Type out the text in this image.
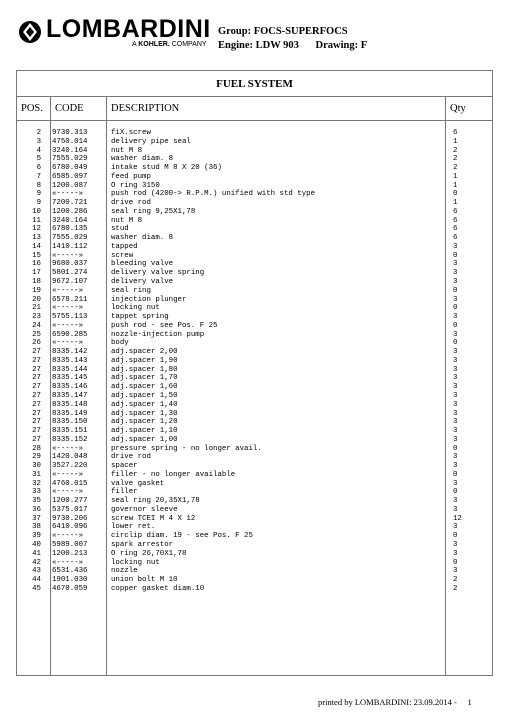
LOMBARDINI
A KOHLER. COMPANY
Group: FOCS-SUPERFOCS
Engine: LDW 903 Drawing: F
FUEL SYSTEM
POS. CODE	DESCRIPTION	Qty
2 9730.313	fiX.screw	6
3 4750.014	delivery pipe seal	1
4 3240.164	nut M 8	2
5 7555.029	washer diam. 8	2
6 6780.049	intake stud M 8 X 20 (36)	2
7 6585.097	feed pump	1
8 1200.087	O ring 3150	1
9 «-----»	push rod (4200-> R.P.M.) unified with std type	0
9 7200.721	drive rod	1
10 1200.286	seal ring 9,25X1,78	6
11 3240.164	nut M 8	6
12 6780.135	stud	6
13 7555.029	washer diam. 8	6
14 1410.112	tapped	3
15 «-----»	screw	0
16 9680.037	bleeding valve	3
17 5801.274	delivery valve spring	3
18 9672.107	delivery valve	3
19 «-----»	seal ring	0
20 6578.211	injection plunger	3
21 «-----»	locking nut	0
23 5755.113	tappet spring	3
24 «-----»	push rod - see Pos. F 25	0
25 6590.285	nozzle-injection pump	3
26 «-----»	body	0
27 8335.142	adj.spacer 2,00	3
27 8335.143	adj.spacer 1,90	3
27 8335.144	adj.spacer 1,80	3
27 8335.145	adj.spacer 1,70	3
27 8335.146	adj.spacer 1,60	3
27 8335.147	adj.spacer 1,50	3
27 8335.148	adj.spacer 1,40	3
27 8335.149	adj.spacer 1,30	3
27 8335.150	adj.spacer 1,20	3
27 8335.151	adj.spacer 1,10	3
27 8335.152	adj.spacer 1,00	3
28 «-----»	pressure spring - no longer avail.	0
29 1420.048	drive rod	3
30 3527.220	spacer	3
31 «-----»	filler - no longer available	0
32 4760.015	valve gasket	3
33 «-----»	filler	0
35 1200.277	seal ring 20,35X1,78	3
36 5375.017	governor sleeve	3
37 9730.206	screw TCEI M 4 X 12	12
38 6410.096	lower ret.	3
39 «-----»	circlip diam. 19 - see Pos. F 25	0
40 5989.007	spark arrestor	3
41 1200.213	O ring 26,70X1,78	3
42 «-----»	locking nut	0
43 6531.436	nozzle	3
44 1901.030	union bolt M 10	2
45 4670.059	copper gasket diam.10	2
printed by LOMBARDINI: 23.09.2014 - 1
